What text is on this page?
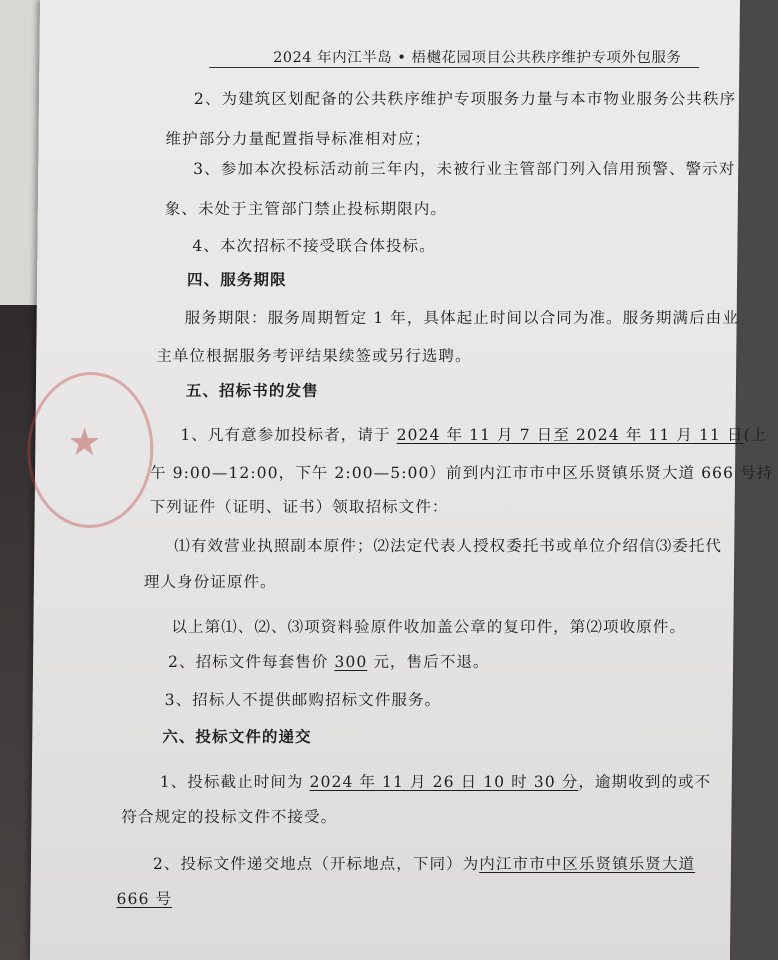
★
2024 年内江半岛 • 梧樾花园项目公共秩序维护专项外包服务
2、为建筑区划配备的公共秩序维护专项服务力量与本市物业服务公共秩序
维护部分力量配置指导标准相对应；
3、参加本次投标活动前三年内，未被行业主管部门列入信用预警、警示对
象、未处于主管部门禁止投标期限内。
4、本次招标不接受联合体投标。
四、服务期限
服务期限：服务周期暂定 1 年，具体起止时间以合同为准。服务期满后由业
主单位根据服务考评结果续签或另行选聘。
五、招标书的发售
1、凡有意参加投标者，请于 2024 年 11 月 7 日至 2024 年 11 月 11 日(上
午 9:00—12:00，下午 2:00—5:00）前到内江市市中区乐贤镇乐贤大道 666 号持
下列证件（证明、证书）领取招标文件：
⑴有效营业执照副本原件；⑵法定代表人授权委托书或单位介绍信⑶委托代
理人身份证原件。
以上第⑴、⑵、⑶项资料验原件收加盖公章的复印件，第⑵项收原件。
2、招标文件每套售价 300 元，售后不退。
3、招标人不提供邮购招标文件服务。
六、投标文件的递交
1、投标截止时间为 2024 年 11 月 26 日 10 时 30 分，逾期收到的或不
符合规定的投标文件不接受。
2、投标文件递交地点（开标地点，下同）为内江市市中区乐贤镇乐贤大道
666 号
